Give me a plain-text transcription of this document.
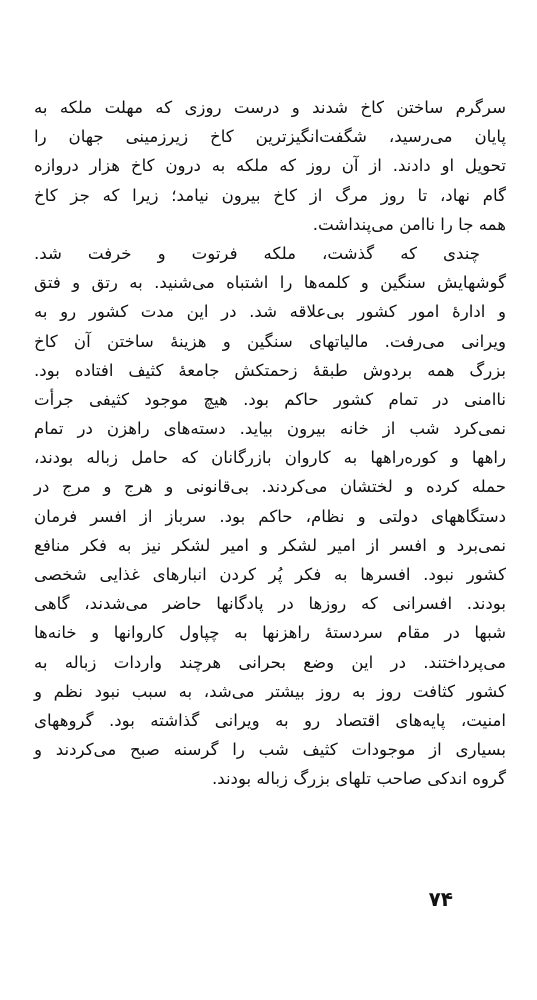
سرگرم ساختن کاخ شدند و درست روزی که مهلت ملکه به
پایان می‌رسید، شگفت‌انگیزترین کاخ زیرزمینی جهان را
تحویل او دادند. از آن روز که ملکه به درون کاخ هزار دروازه
گام نهاد، تا روز مرگ از کاخ بیرون نیامد؛ زیرا که جز کاخ
همه جا را ناامن می‌پنداشت.

چندی که گذشت، ملکه فرتوت و خرفت شد.
گوشهایش سنگین و کلمه‌ها را اشتباه می‌شنید. به رتق و فتق
و ادارهٔ امور کشور بی‌علاقه شد. در این مدت کشور رو به
ویرانی می‌رفت. مالیاتهای سنگین و هزینهٔ ساختن آن کاخ
بزرگ همه بردوش طبقهٔ زحمتکش جامعهٔ کثیف افتاده بود.
ناامنی در تمام کشور حاکم بود. هیچ موجود کثیفی جرأت
نمی‌کرد شب از خانه بیرون بیاید. دسته‌های راهزن در تمام
راهها و کوره‌راهها به کاروان بازرگانان که حامل زباله بودند،
حمله کرده و لختشان می‌کردند. بی‌قانونی و هرج و مرج در
دستگاههای دولتی و نظام، حاکم بود. سرباز از افسر فرمان
نمی‌برد و افسر از امیر لشکر و امیر لشکر نیز به فکر منافع
کشور نبود. افسرها به فکر پُر کردن انبارهای غذایی شخصی
بودند. افسرانی که روزها در پادگانها حاضر می‌شدند، گاهی
شبها در مقام سردستهٔ راهزنها به چپاول کاروانها و خانه‌ها
می‌پرداختند. در این وضع بحرانی هرچند واردات زباله به
کشور کثافت روز به روز بیشتر می‌شد، به سبب نبود نظم و
امنیت، پایه‌های اقتصاد رو به ویرانی گذاشته بود. گروههای
بسیاری از موجودات کثیف شب را گرسنه صبح می‌کردند و
گروه اندکی صاحب تلهای بزرگ زباله بودند.

۷۴
